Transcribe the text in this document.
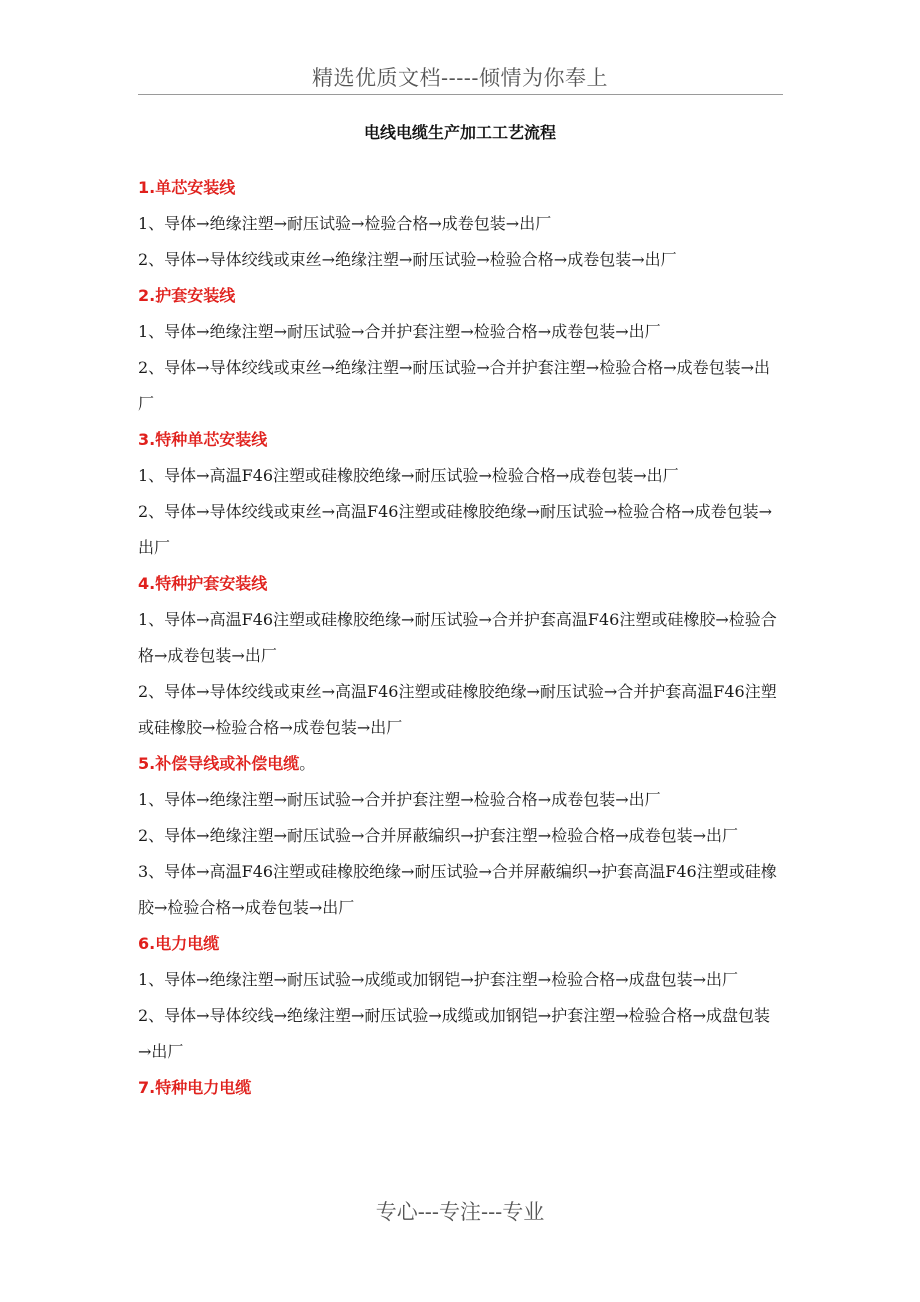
精选优质文档-----倾情为你奉上
电线电缆生产加工工艺流程
1.单芯安装线
1、导体→绝缘注塑→耐压试验→检验合格→成卷包装→出厂
2、导体→导体绞线或束丝→绝缘注塑→耐压试验→检验合格→成卷包装→出厂
2.护套安装线
1、导体→绝缘注塑→耐压试验→合并护套注塑→检验合格→成卷包装→出厂
2、导体→导体绞线或束丝→绝缘注塑→耐压试验→合并护套注塑→检验合格→成卷包装→出厂
3.特种单芯安装线
1、导体→高温F46注塑或硅橡胶绝缘→耐压试验→检验合格→成卷包装→出厂
2、导体→导体绞线或束丝→高温F46注塑或硅橡胶绝缘→耐压试验→检验合格→成卷包装→出厂
4.特种护套安装线
1、导体→高温F46注塑或硅橡胶绝缘→耐压试验→合并护套高温F46注塑或硅橡胶→检验合格→成卷包装→出厂
2、导体→导体绞线或束丝→高温F46注塑或硅橡胶绝缘→耐压试验→合并护套高温F46注塑或硅橡胶→检验合格→成卷包装→出厂
5.补偿导线或补偿电缆。
1、导体→绝缘注塑→耐压试验→合并护套注塑→检验合格→成卷包装→出厂
2、导体→绝缘注塑→耐压试验→合并屏蔽编织→护套注塑→检验合格→成卷包装→出厂
3、导体→高温F46注塑或硅橡胶绝缘→耐压试验→合并屏蔽编织→护套高温F46注塑或硅橡胶→检验合格→成卷包装→出厂
6.电力电缆
1、导体→绝缘注塑→耐压试验→成缆或加钢铠→护套注塑→检验合格→成盘包装→出厂
2、导体→导体绞线→绝缘注塑→耐压试验→成缆或加钢铠→护套注塑→检验合格→成盘包装→出厂
7.特种电力电缆
专心---专注---专业
